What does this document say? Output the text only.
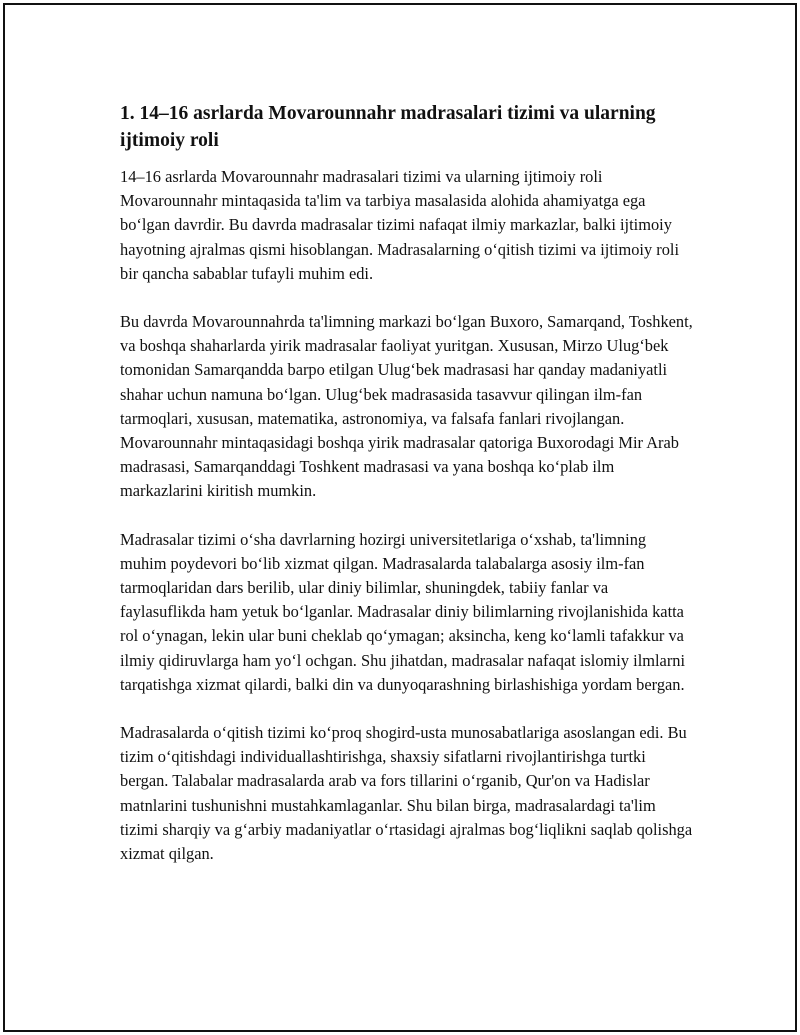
1. 14–16 asrlarda Movarounnahr madrasalari tizimi va ularning ijtimoiy roli

14–16 asrlarda Movarounnahr madrasalari tizimi va ularning ijtimoiy roli Movarounnahr mintaqasida ta'lim va tarbiya masalasida alohida ahamiyatga ega bo‘lgan davrdir. Bu davrda madrasalar tizimi nafaqat ilmiy markazlar, balki ijtimoiy hayotning ajralmas qismi hisoblangan. Madrasalarning o‘qitish tizimi va ijtimoiy roli bir qancha sabablar tufayli muhim edi.

Bu davrda Movarounnahrda ta'limning markazi bo‘lgan Buxoro, Samarqand, Toshkent, va boshqa shaharlarda yirik madrasalar faoliyat yuritgan. Xususan, Mirzo Ulug‘bek tomonidan Samarqandda barpo etilgan Ulug‘bek madrasasi har qanday madaniyatli shahar uchun namuna bo‘lgan. Ulug‘bek madrasasida tasavvur qilingan ilm-fan tarmoqlari, xususan, matematika, astronomiya, va falsafa fanlari rivojlangan. Movarounnahr mintaqasidagi boshqa yirik madrasalar qatoriga Buxorodagi Mir Arab madrasasi, Samarqanddagi Toshkent madrasasi va yana boshqa ko‘plab ilm markazlarini kiritish mumkin.

Madrasalar tizimi o‘sha davrlarning hozirgi universitetlariga o‘xshab, ta'limning muhim poydevori bo‘lib xizmat qilgan. Madrasalarda talabalarga asosiy ilm-fan tarmoqlaridan dars berilib, ular diniy bilimlar, shuningdek, tabiiy fanlar va faylasuflikda ham yetuk bo‘lganlar. Madrasalar diniy bilimlarning rivojlanishida katta rol o‘ynagan, lekin ular buni cheklab qo‘ymagan; aksincha, keng ko‘lamli tafakkur va ilmiy qidiruvlarga ham yo‘l ochgan. Shu jihatdan, madrasalar nafaqat islomiy ilmlarni tarqatishga xizmat qilardi, balki din va dunyoqarashning birlashishiga yordam bergan.

Madrasalarda o‘qitish tizimi ko‘proq shogird-usta munosabatlariga asoslangan edi. Bu tizim o‘qitishdagi individuallashtirishga, shaxsiy sifatlarni rivojlantirishga turtki bergan. Talabalar madrasalarda arab va fors tillarini o‘rganib, Qur'on va Hadislar matnlarini tushunishni mustahkamlaganlar. Shu bilan birga, madrasalardagi ta'lim tizimi sharqiy va g‘arbiy madaniyatlar o‘rtasidagi ajralmas bog‘liqlikni saqlab qolishga xizmat qilgan.
